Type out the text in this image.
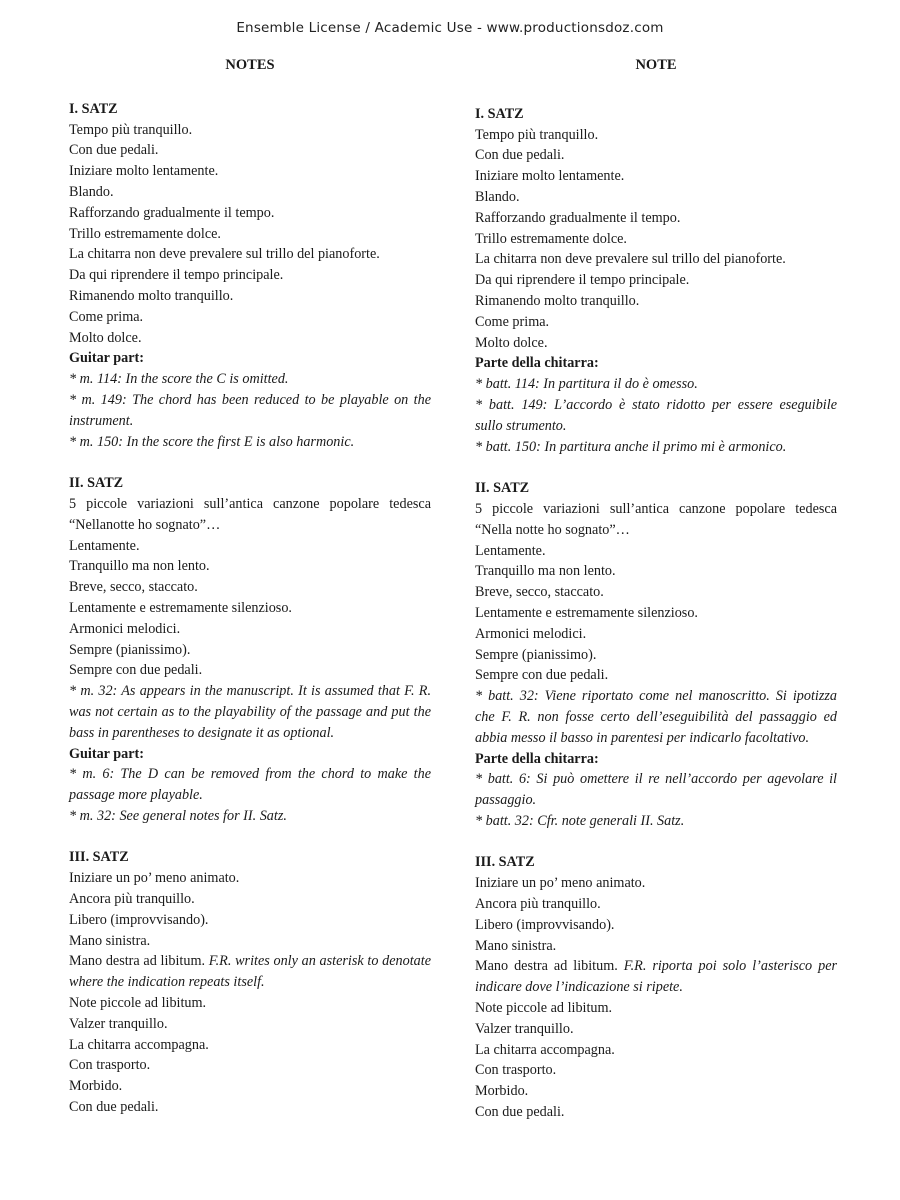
Ensemble License / Academic Use - www.productionsdoz.com
NOTES
I. SATZ
Tempo più tranquillo.
Con due pedali.
Iniziare molto lentamente.
Blando.
Rafforzando gradualmente il tempo.
Trillo estremamente dolce.
La chitarra non deve prevalere sul trillo del pianoforte.
Da qui riprendere il tempo principale.
Rimanendo molto tranquillo.
Come prima.
Molto dolce.
Guitar part:
* m. 114: In the score the C is omitted.
* m. 149: The chord has been reduced to be playable on the instrument.
* m. 150: In the score the first E is also harmonic.
II. SATZ
5 piccole variazioni sull’antica canzone popolare tedesca “Nellanotte ho sognato”…
Lentamente.
Tranquillo ma non lento.
Breve, secco, staccato.
Lentamente e estremamente silenzioso.
Armonici melodici.
Sempre (pianissimo).
Sempre con due pedali.
* m. 32: As appears in the manuscript. It is assumed that F. R. was not certain as to the playability of the passage and put the bass in parentheses to designate it as optional.
Guitar part:
* m. 6: The D can be removed from the chord to make the passage more playable.
* m. 32: See general notes for II. Satz.
III. SATZ
Iniziare un po’ meno animato.
Ancora più tranquillo.
Libero (improvvisando).
Mano sinistra.
Mano destra ad libitum. F.R. writes only an asterisk to denotate where the indication repeats itself.
Note piccole ad libitum.
Valzer tranquillo.
La chitarra accompagna.
Con trasporto.
Morbido.
Con due pedali.
NOTE
I. SATZ
Tempo più tranquillo.
Con due pedali.
Iniziare molto lentamente.
Blando.
Rafforzando gradualmente il tempo.
Trillo estremamente dolce.
La chitarra non deve prevalere sul trillo del pianoforte.
Da qui riprendere il tempo principale.
Rimanendo molto tranquillo.
Come prima.
Molto dolce.
Parte della chitarra:
* batt. 114: In partitura il do è omesso.
* batt. 149: L’accordo è stato ridotto per essere eseguibile sullo strumento.
* batt. 150: In partitura anche il primo mi è armonico.
II. SATZ
5 piccole variazioni sull’antica canzone popolare tedesca “Nella notte ho sognato”…
Lentamente.
Tranquillo ma non lento.
Breve, secco, staccato.
Lentamente e estremamente silenzioso.
Armonici melodici.
Sempre (pianissimo).
Sempre con due pedali.
* batt. 32: Viene riportato come nel manoscritto. Si ipotizza che F. R. non fosse certo dell’eseguibilità del passaggio ed abbia messo il basso in parentesi per indicarlo facoltativo.
Parte della chitarra:
* batt. 6: Si può omettere il re nell’accordo per agevolare il passaggio.
* batt. 32: Cfr. note generali II. Satz.
III. SATZ
Iniziare un po’ meno animato.
Ancora più tranquillo.
Libero (improvvisando).
Mano sinistra.
Mano destra ad libitum. F.R. riporta poi solo l’asterisco per indicare dove l’indicazione si ripete.
Note piccole ad libitum.
Valzer tranquillo.
La chitarra accompagna.
Con trasporto.
Morbido.
Con due pedali.
